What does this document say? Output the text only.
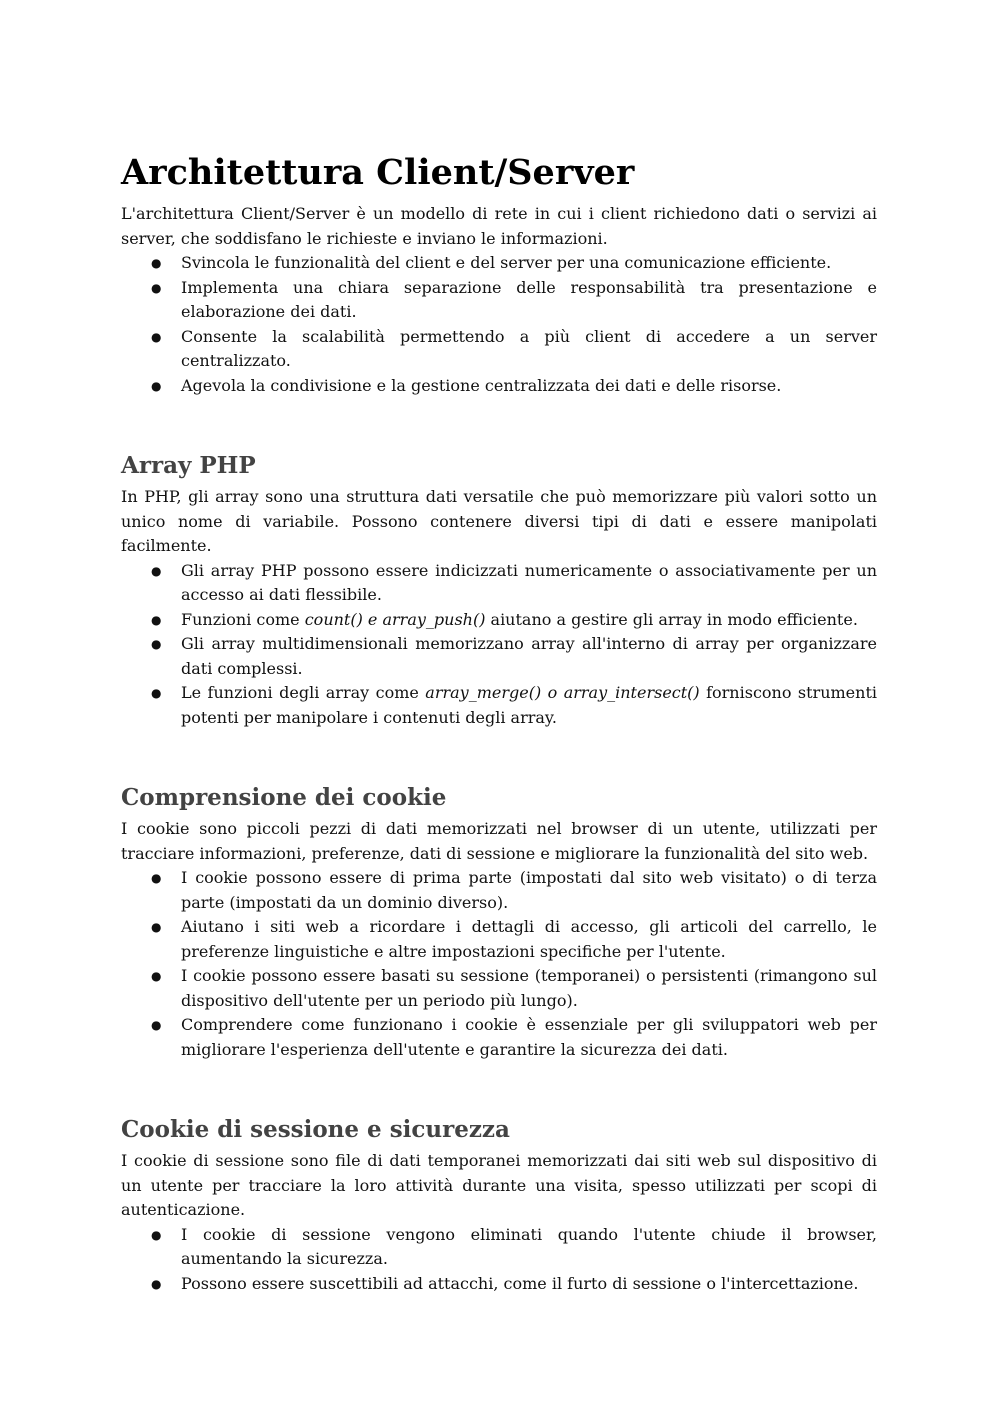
Architettura Client/Server

L'architettura Client/Server è un modello di rete in cui i client richiedono dati o servizi ai server, che soddisfano le richieste e inviano le informazioni.

● Svincola le funzionalità del client e del server per una comunicazione efficiente.
● Implementa una chiara separazione delle responsabilità tra presentazione e elaborazione dei dati.
● Consente la scalabilità permettendo a più client di accedere a un server centralizzato.
● Agevola la condivisione e la gestione centralizzata dei dati e delle risorse.
Array PHP

In PHP, gli array sono una struttura dati versatile che può memorizzare più valori sotto un unico nome di variabile. Possono contenere diversi tipi di dati e essere manipolati facilmente.

● Gli array PHP possono essere indicizzati numericamente o associativamente per un accesso ai dati flessibile.
● Funzioni come count() e array_push() aiutano a gestire gli array in modo efficiente.
● Gli array multidimensionali memorizzano array all'interno di array per organizzare dati complessi.
● Le funzioni degli array come array_merge() o array_intersect() forniscono strumenti potenti per manipolare i contenuti degli array.
Comprensione dei cookie

I cookie sono piccoli pezzi di dati memorizzati nel browser di un utente, utilizzati per tracciare informazioni, preferenze, dati di sessione e migliorare la funzionalità del sito web.

● I cookie possono essere di prima parte (impostati dal sito web visitato) o di terza parte (impostati da un dominio diverso).
● Aiutano i siti web a ricordare i dettagli di accesso, gli articoli del carrello, le preferenze linguistiche e altre impostazioni specifiche per l'utente.
● I cookie possono essere basati su sessione (temporanei) o persistenti (rimangono sul dispositivo dell'utente per un periodo più lungo).
● Comprendere come funzionano i cookie è essenziale per gli sviluppatori web per migliorare l'esperienza dell'utente e garantire la sicurezza dei dati.
Cookie di sessione e sicurezza

I cookie di sessione sono file di dati temporanei memorizzati dai siti web sul dispositivo di un utente per tracciare la loro attività durante una visita, spesso utilizzati per scopi di autenticazione.

● I cookie di sessione vengono eliminati quando l'utente chiude il browser, aumentando la sicurezza.
● Possono essere suscettibili ad attacchi, come il furto di sessione o l'intercettazione.
